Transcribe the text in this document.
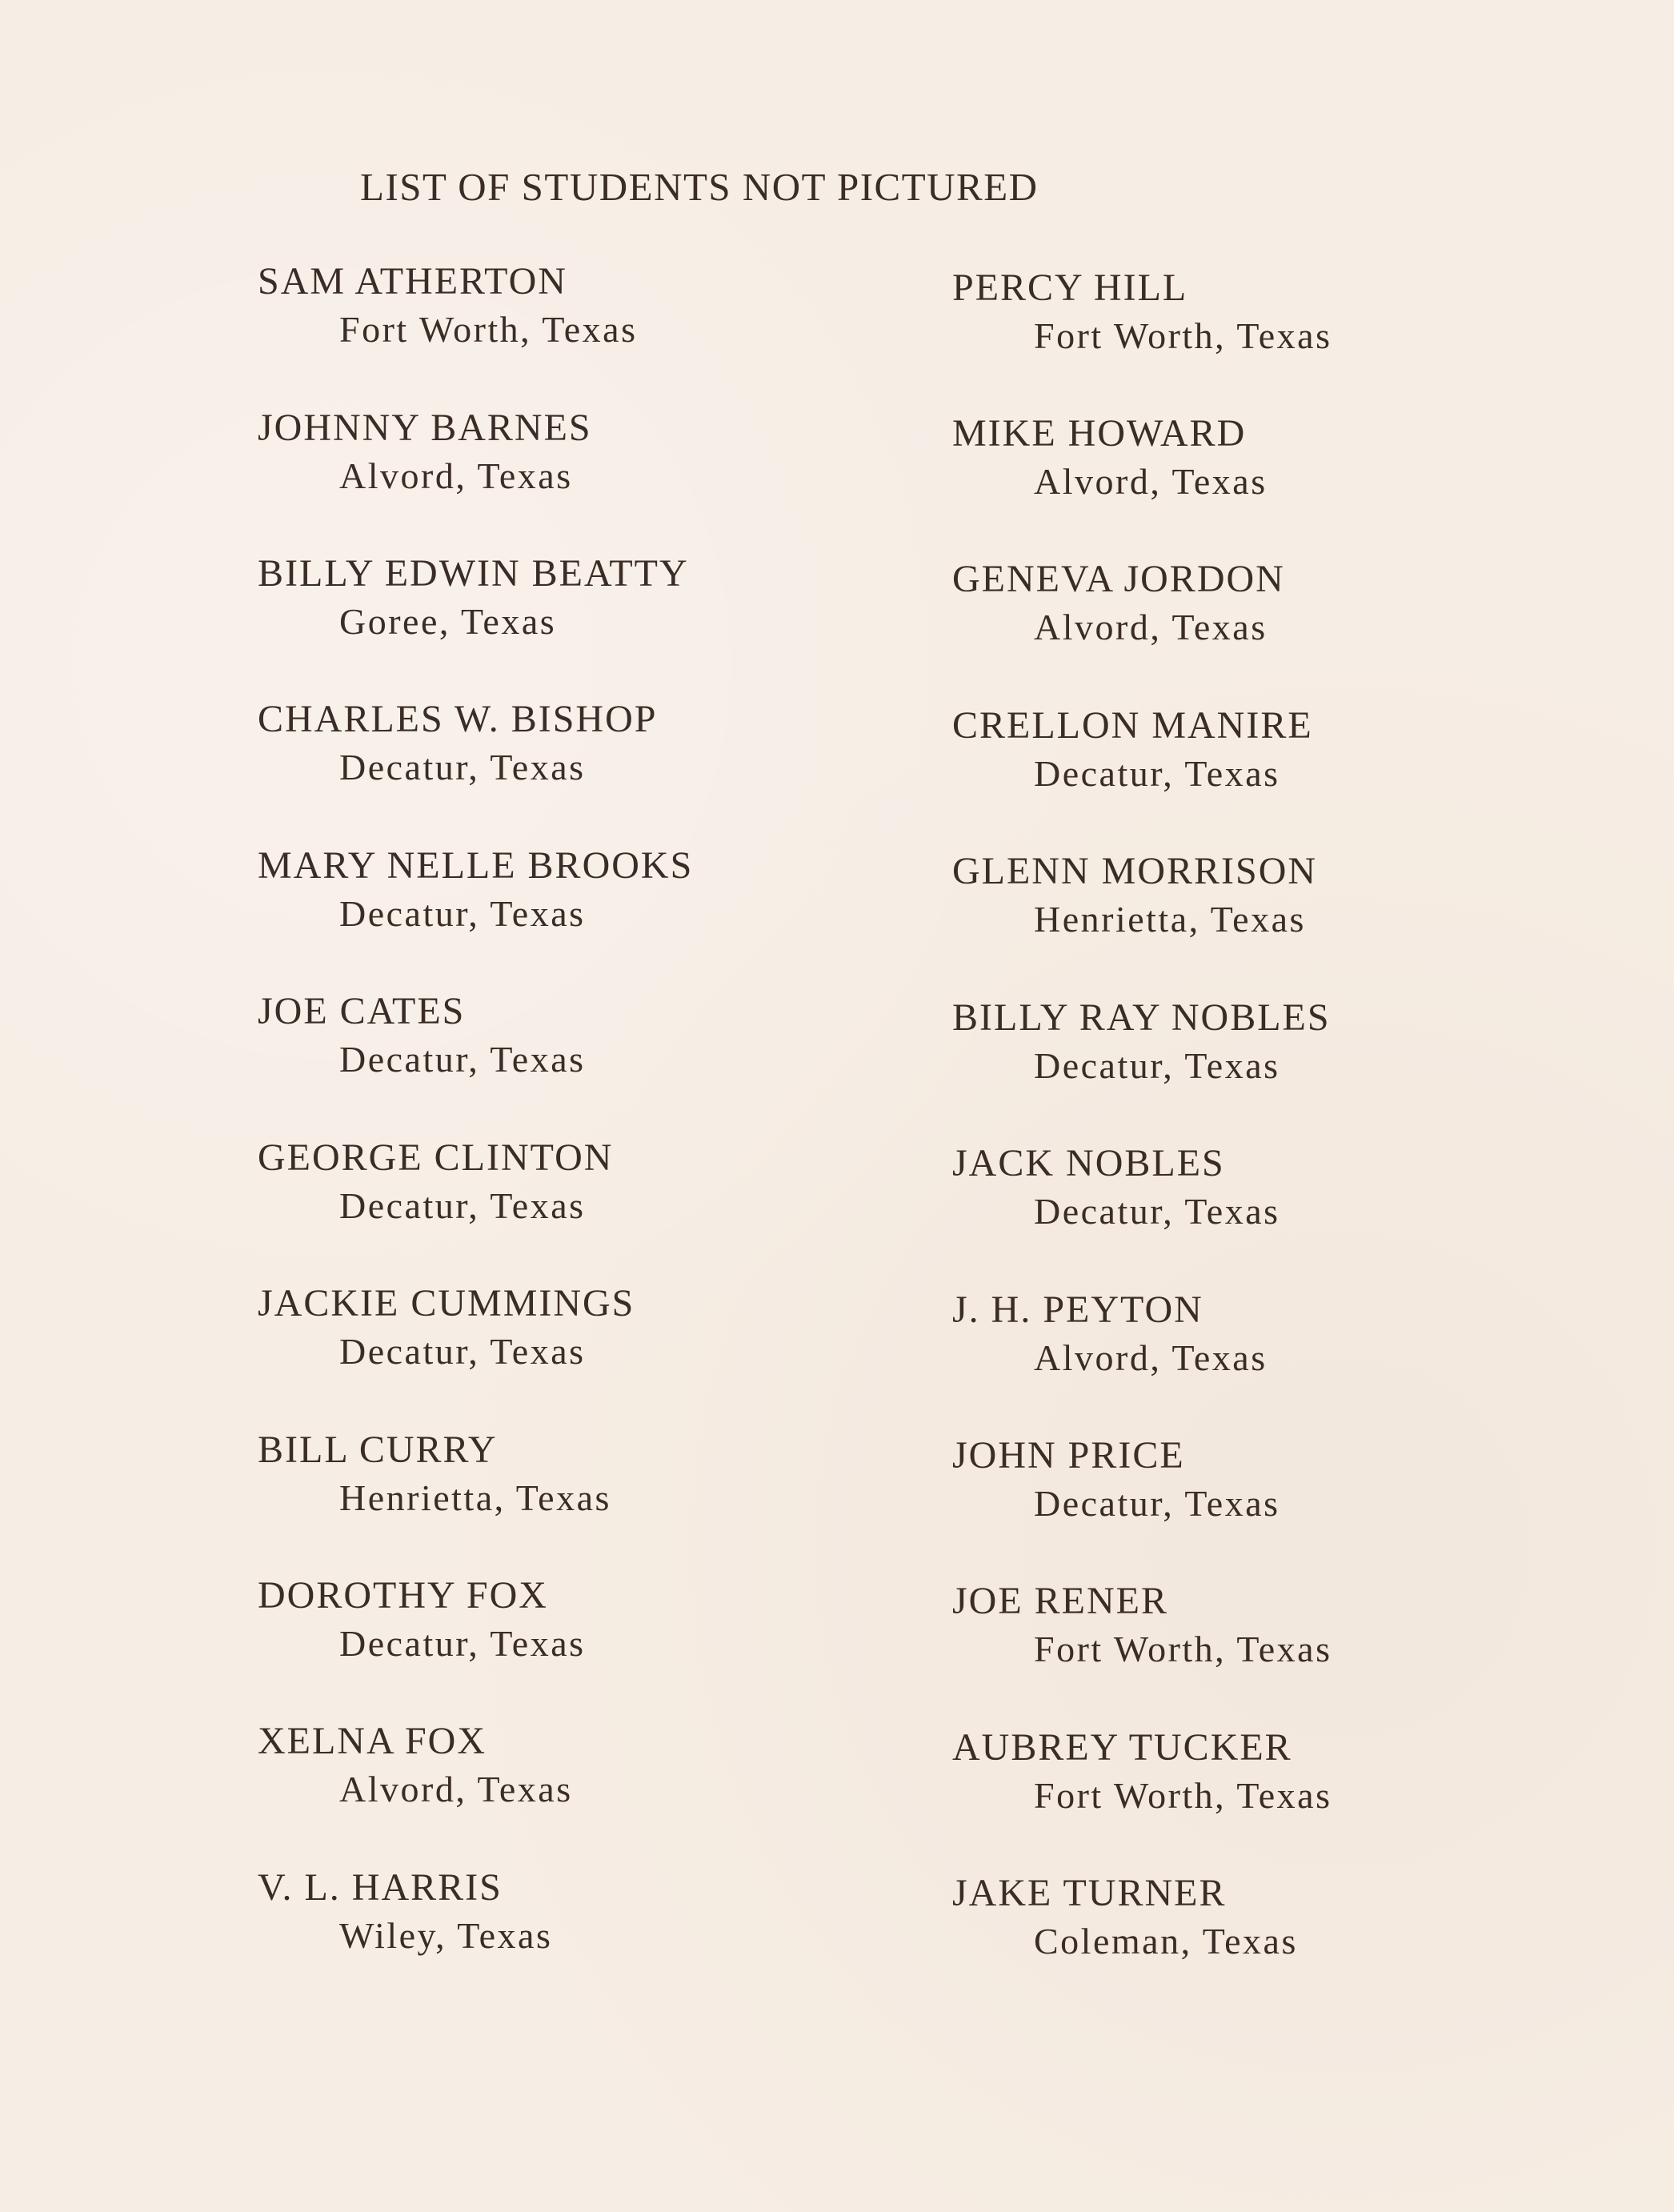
LIST OF STUDENTS NOT PICTURED
SAM ATHERTON
Fort Worth, Texas
JOHNNY BARNES
Alvord, Texas
BILLY EDWIN BEATTY
Goree, Texas
CHARLES W. BISHOP
Decatur, Texas
MARY NELLE BROOKS
Decatur, Texas
JOE CATES
Decatur, Texas
GEORGE CLINTON
Decatur, Texas
JACKIE CUMMINGS
Decatur, Texas
BILL CURRY
Henrietta, Texas
DOROTHY FOX
Decatur, Texas
XELNA FOX
Alvord, Texas
V. L. HARRIS
Wiley, Texas
PERCY HILL
Fort Worth, Texas
MIKE HOWARD
Alvord, Texas
GENEVA JORDON
Alvord, Texas
CRELLON MANIRE
Decatur, Texas
GLENN MORRISON
Henrietta, Texas
BILLY RAY NOBLES
Decatur, Texas
JACK NOBLES
Decatur, Texas
J. H. PEYTON
Alvord, Texas
JOHN PRICE
Decatur, Texas
JOE RENER
Fort Worth, Texas
AUBREY TUCKER
Fort Worth, Texas
JAKE TURNER
Coleman, Texas
